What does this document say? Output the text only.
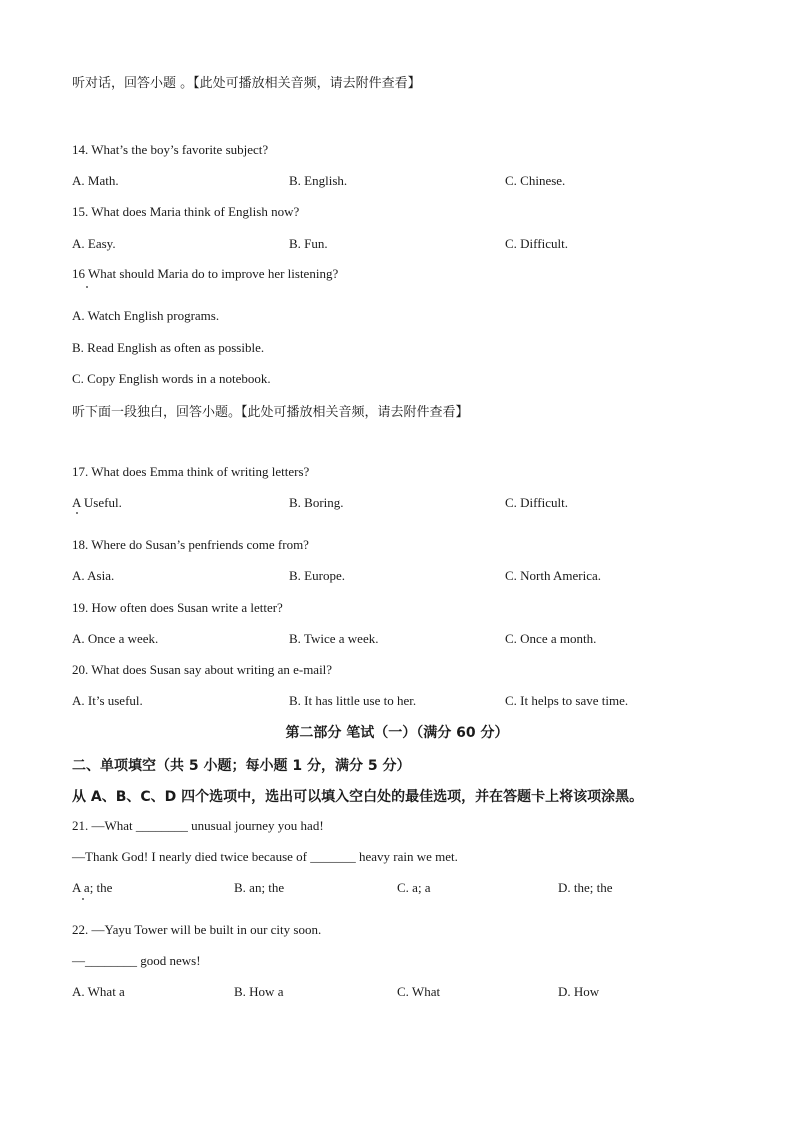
听对话，回答小题 。【此处可播放相关音频，请去附件查看】
14. What’s the boy’s favorite subject?
A. Math.	B. English.	C. Chinese.
15. What does Maria think of English now?
A. Easy.	B. Fun.	C. Difficult.
16 What should Maria do to improve her listening?
A. Watch English programs.
B. Read English as often as possible.
C. Copy English words in a notebook.
听下面一段独白，回答小题。【此处可播放相关音频，请去附件查看】
17. What does Emma think of writing letters?
A Useful.	B. Boring.	C. Difficult.
18. Where do Susan’s penfriends come from?
A. Asia.	B. Europe.	C. North America.
19. How often does Susan write a letter?
A. Once a week.	B. Twice a week.	C. Once a month.
20. What does Susan say about writing an e-mail?
A. It’s useful.	B. It has little use to her.	C. It helps to save time.
第二部分 笔试（一）（满分 60 分）
二、单项填空（共 5 小题；每小题 1 分，满分 5 分）
从 A、B、C、D 四个选项中，选出可以填入空白处的最佳选项，并在答题卡上将该项涂黑。
21. —What ________ unusual journey you had!
—Thank God! I nearly died twice because of _______ heavy rain we met.
A a; the	B. an; the	C. a; a	D. the; the
22. —Yayu Tower will be built in our city soon.
—________ good news!
A. What a	B. How a	C. What	D. How
